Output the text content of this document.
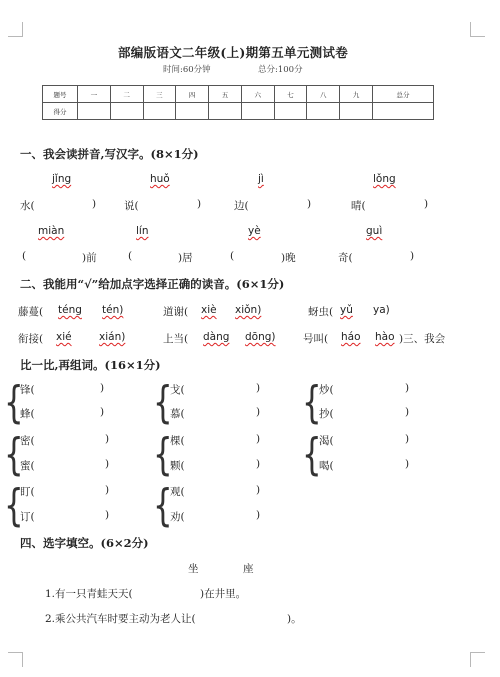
部编版语文二年级(上)期第五单元测试卷
时间:60分钟	总分:100分
题号	一	二	三	四	五	六	七	八	九	总分
得分										
一、我会读拼音,写汉字。(8×1分)
jǐng	huǒ	jì	lǒng
水(	)	说(	)	边(	)	晴(	)
miàn	lín	yè	guì
(	)前	(	)居	(	)晚	奇(	)
二、我能用“√”给加点字选择正确的读音。(6×1分)
藤蔓( téng tén)	道谢( xiè xiǒn)	蚜虫( yǔ ya)
衔接( xié	xián)	上当( dàng dōng)	号叫( háo hào )三、我会
比一比,再组词。(16×1分)
{
锋(	)
蜂(	)
{
密(	)
蜜(	)
{
盯(	)
订(	)
{
戈(	)
慕(	)
{
棵(	)
颗(	)
{
观(	)
劝(	)
{
炒(	)
抄(	)
{
渴(	)
喝(	)
四、选字填空。(6×2分)
坐	座
1.有一只青蛙天天(	)在井里。
2.乘公共汽车时要主动为老人让(	)。
